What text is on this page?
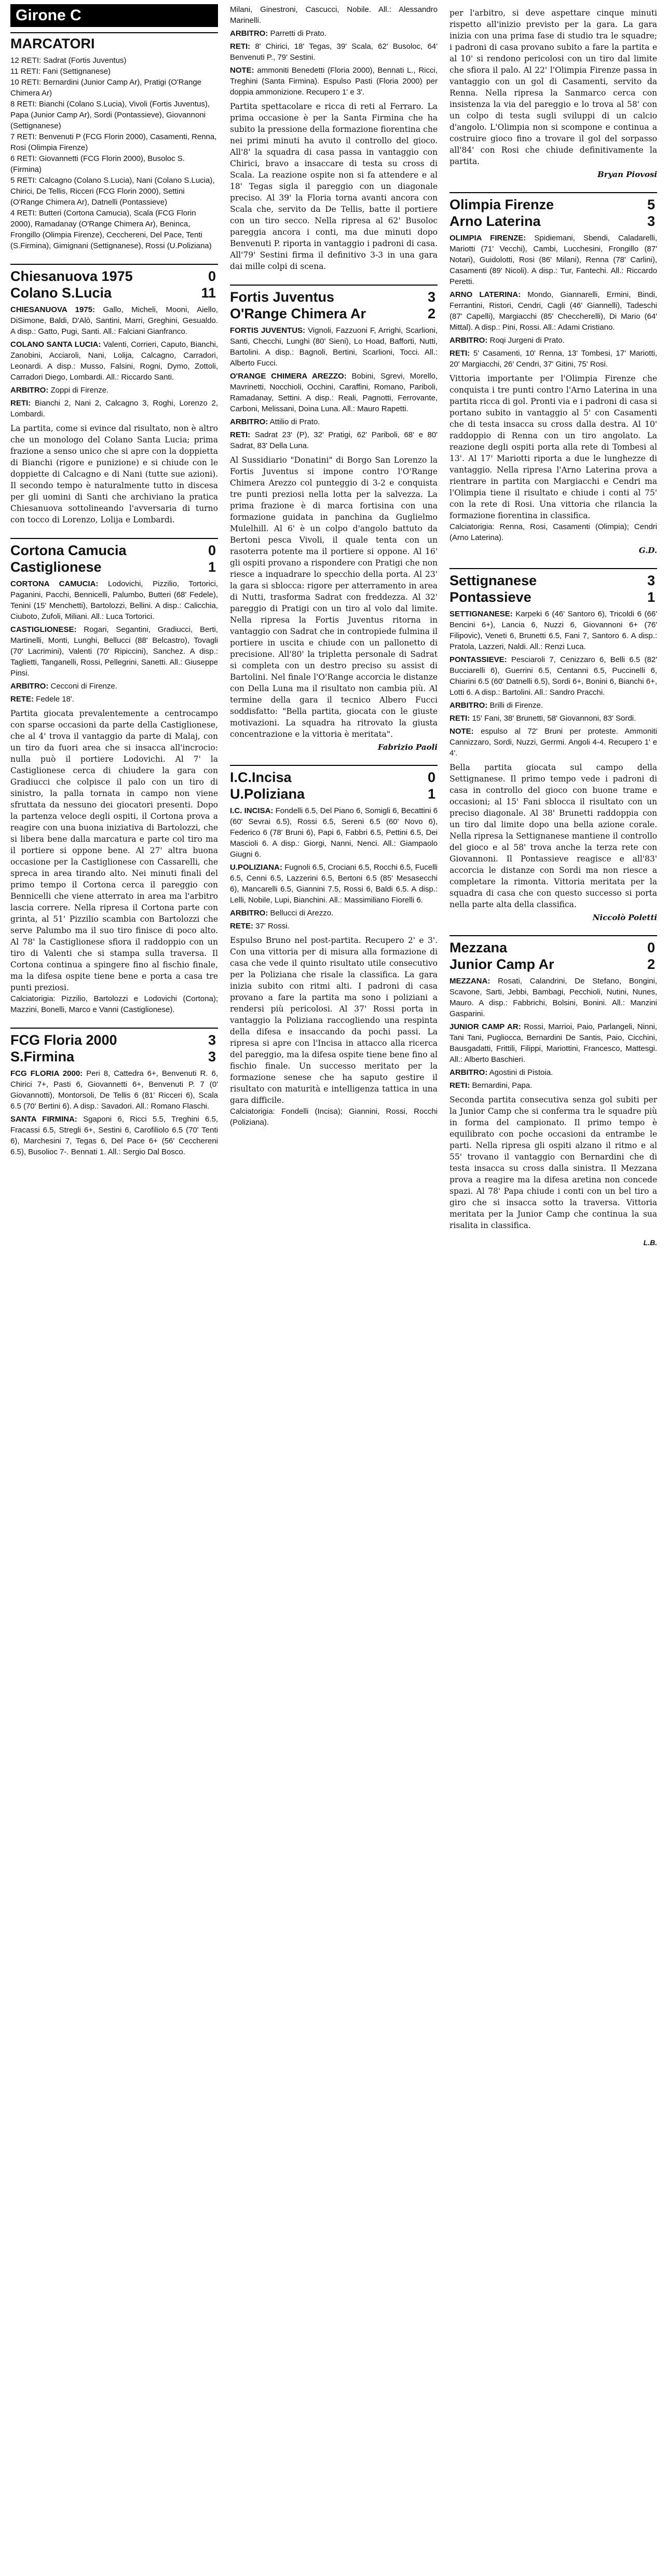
Girone C
MARCATORI
12 RETI: Sadrat (Fortis Juventus)
11 RETI: Fani (Settignanese)
10 RETI: Bernardini (Junior Camp Ar), Pratigi (O'Range Chimera Ar)
8 RETI: Bianchi (Colano S.Lucia), Vivoli (Fortis Juventus), Papa (Junior Camp Ar), Sordi (Pontassieve), Giovannoni (Settignanese)
7 RETI: Benvenuti P (FCG Florin 2000), Casamenti, Renna, Rosi (Olimpia Firenze)
6 RETI: Giovannetti (FCG Florin 2000), Busoloc S. (Firmina)
5 RETI: Calcagno (Colano S.Lucia), Nani (Colano S.Lucia), Chirici, De Tellis, Ricceri (FCG Florin 2000), Settini (O'Range Chimera Ar), Datnelli (Pontassieve)
4 RETI: Butteri (Cortona Camucia), Scala (FCG Florin 2000), Ramadanay (O'Range Chimera Ar), Beninca, Frongillo (Olimpia Firenze), Cecchereni, Del Pace, Tenti (S.Firmina), Gimignani (Settignanese), Rossi (U.Poliziana)
Chiesanuova 1975	0
Colano S.Lucia	11

CHIESANUOVA 1975: Gallo, Micheli, Mooni, Aiello, DiSimone, Baldi, D'Alò, Santini, Marri, Greghini, Gesualdo. A disp.: Gatto, Pugi, Santi. All.: Falciani Gianfranco.

COLANO SANTA LUCIA: Valenti, Corrieri, Caputo, Bianchi, Zanobini, Acciaroli, Nani, Lolija, Calcagno, Carradori, Leonardi. A disp.: Musso, Falsini, Rogni, Dymo, Zottoli, Carradori Diego, Lombardi. All.: Riccardo Santi.

ARBITRO: Zoppi di Firenze.

RETI: Bianchi 2, Nani 2, Calcagno 3, Roghi, Lorenzo 2, Lombardi.

La partita, come si evince dal risultato, non è altro che un monologo del Colano Santa Lucia; prima frazione a senso unico che si apre con la doppietta di Bianchi (rigore e punizione) e si chiude con le doppiette di Calcagno e di Nani (tutte sue azioni). Il secondo tempo è naturalmente tutto in discesa per gli uomini di Santi che archiviano la pratica Chiesanuova sottolineando l'avversaria di turno con tocco di Lorenzo, Lolija e Lombardi.

Cortona Camucia	0
Castiglionese	1

CORTONA CAMUCIA: Lodovichi, Pizzilio, Tortorici, Paganini, Pacchi, Bennicelli, Palumbo, Butteri (68' Fedele), Tenini (15' Menchetti), Bartolozzi, Bellini. A disp.: Calicchia, Ciuboto, Zufoli, Miliani. All.: Luca Tortorici.

CASTIGLIONESE: Rogari, Segantini, Gradiucci, Berti, Martinelli, Monti, Lunghi, Bellucci (88' Belcastro), Tovagli (70' Lacrimini), Valenti (70' Ripiccini), Sanchez. A disp.: Taglietti, Tanganelli, Rossi, Pellegrini, Sanetti. All.: Giuseppe Pinsi.

ARBITRO: Cecconi di Firenze.

RETE: Fedele 18'.

Partita giocata prevalentemente a centrocampo con sparse occasioni da parte della Castiglionese, che al 4' trova il vantaggio da parte di Malaj, con un tiro da fuori area che si insacca all'incrocio: nulla può il portiere Lodovichi. Al 7' la Castiglionese cerca di chiudere la gara con Gradiucci che colpisce il palo con un tiro di sinistro, la palla tornata in campo non viene sfruttata da nessuno dei giocatori presenti. Dopo la partenza veloce degli ospiti, il Cortona prova a reagire con una buona iniziativa di Bartolozzi, che si libera bene dalla marcatura e parte col tiro ma il portiere si oppone bene. Al 27' altra buona occasione per la Castiglionese con Cassarelli, che spreca in area tirando alto. Nei minuti finali del primo tempo il Cortona cerca il pareggio con Bennicelli che viene atterrato in area ma l'arbitro lascia correre. Nella ripresa il Cortona parte con grinta, al 51' Pizzilio scambia con Bartolozzi che serve Palumbo ma il suo tiro finisce di poco alto. Al 78' la Castiglionese sfiora il raddoppio con un tiro di Valenti che si stampa sulla traversa. Il Cortona continua a spingere fino al fischio finale, ma la difesa ospite tiene bene e porta a casa tre punti preziosi.

Calciatorigia: Pizzilio, Bartolozzi e Lodovichi (Cortona); Mazzini, Bonelli, Marco e Vanni (Castiglionese).

FCG Floria 2000	3
S.Firmina	3

FCG FLORIA 2000: Peri 8, Cattedra 6+, Benvenuti R. 6, Chirici 7+, Pasti 6, Giovannetti 6+, Benvenuti P. 7 (0' Giovannotti), Montorsoli, De Tellis 6 (81' Ricceri 6), Scala 6.5 (70' Bertini 6). A disp.: Savadori. All.: Romano Flaschi.

SANTA FIRMINA: Sgaponi 6, Ricci 5.5, Treghini 6.5, Fracassi 6.5, Stregli 6+, Sestini 6, Carofiliolo 6.5 (70' Tenti 6), Marchesini 7, Tegas 6, Del Pace 6+ (56' Cecchereni 6.5), Busolioc 7-. Bennati 1. All.: Sergio Dal Bosco.

Milani, Ginestroni, Cascucci, Nobile. All.: Alessandro Marinelli.

ARBITRO: Parretti di Prato.

RETI: 8' Chirici, 18' Tegas, 39' Scala, 62' Busoloc, 64' Benvenuti P., 79' Sestini.

NOTE: ammoniti Benedetti (Floria 2000), Bennati L., Ricci, Treghini (Santa Firmina). Espulso Pasti (Floria 2000) per doppia ammonizione. Recupero 1' e 3'.

Partita spettacolare e ricca di reti al Ferraro. La prima occasione è per la Santa Firmina che ha subito la pressione della formazione fiorentina che nei primi minuti ha avuto il controllo del gioco. All'8' la squadra di casa passa in vantaggio con Chirici, bravo a insaccare di testa su cross di Scala. La reazione ospite non si fa attendere e al 18' Tegas sigla il pareggio con un diagonale preciso. Al 39' la Floria torna avanti ancora con Scala che, servito da De Tellis, batte il portiere con un tiro secco. Nella ripresa al 62' Busoloc pareggia ancora i conti, ma due minuti dopo Benvenuti P. riporta in vantaggio i padroni di casa. All'79' Sestini firma il definitivo 3-3 in una gara dai mille colpi di scena.

Fortis Juventus	3
O'Range Chimera Ar	2

FORTIS JUVENTUS: Vignoli, Fazzuoni F, Arrighi, Scarlioni, Santi, Checchi, Lunghi (80' Sieni), Lo Hoad, Bafforti, Nutti, Bartolini. A disp.: Bagnoli, Bertini, Scarlioni, Tocci. All.: Alberto Fucci.

O'RANGE CHIMERA AREZZO: Bobini, Sgrevi, Morello, Mavrinetti, Nocchioli, Occhini, Caraffini, Romano, Pariboli, Ramadanay, Settini. A disp.: Reali, Pagnotti, Ferrovante, Carboni, Melissani, Doina Luna. All.: Mauro Rapetti.

ARBITRO: Attilio di Prato.

RETI: Sadrat 23' (P), 32' Pratigi, 62' Pariboli, 68' e 80' Sadrat, 83' Della Luna.

Al Sussidiario "Donatini" di Borgo San Lorenzo la Fortis Juventus si impone contro l'O'Range Chimera Arezzo col punteggio di 3-2 e conquista tre punti preziosi nella lotta per la salvezza. La prima frazione è di marca fortisina con una formazione guidata in panchina da Guglielmo Mulelhill. Al 6' è un colpo d'angolo battuto da Bertoni pesca Vivoli, il quale tenta con un rasoterra potente ma il portiere si oppone. Al 16' gli ospiti provano a rispondere con Pratigi che non riesce a inquadrare lo specchio della porta. Al 23' la gara si sblocca: rigore per atterramento in area di Nutti, trasforma Sadrat con freddezza. Al 32' pareggio di Pratigi con un tiro al volo dal limite. Nella ripresa la Fortis Juventus ritorna in vantaggio con Sadrat che in contropiede fulmina il portiere in uscita e chiude con un pallonetto di precisione. All'80' la tripletta personale di Sadrat si completa con un destro preciso su assist di Bartolini. Nel finale l'O'Range accorcia le distanze con Della Luna ma il risultato non cambia più. Al termine della gara il tecnico Albero Fucci soddisfatto: "Bella partita, giocata con le giuste motivazioni. La squadra ha ritrovato la giusta concentrazione e la vittoria è meritata".

Fabrizio Paoli
I.C.Incisa	0
U.Poliziana	1

I.C. INCISA: Fondelli 6.5, Del Piano 6, Somigli 6, Becattini 6 (60' Sevrai 6.5), Rossi 6.5, Sereni 6.5 (60' Novo 6), Federico 6 (78' Bruni 6), Papi 6, Fabbri 6.5, Pettini 6.5, Dei Mascioli 6. A disp.: Giorgi, Nanni, Nenci. All.: Giampaolo Giugni 6.

U.POLIZIANA: Fugnoli 6.5, Crociani 6.5, Rocchi 6.5, Fucelli 6.5, Cenni 6.5, Lazzerini 6.5, Bertoni 6.5 (85' Mesasecchi 6), Mancarelli 6.5, Giannini 7.5, Rossi 6, Baldi 6.5. A disp.: Lelli, Nobile, Lupi, Bianchini. All.: Massimiliano Fiorelli 6.

ARBITRO: Bellucci di Arezzo.

RETE: 37' Rossi.

Espulso Bruno nel post-partita. Recupero 2' e 3'. Con una vittoria per di misura alla formazione di casa che vede il quinto risultato utile consecutivo per la Poliziana che risale la classifica. La gara inizia subito con ritmi alti. I padroni di casa provano a fare la partita ma sono i poliziani a rendersi più pericolosi. Al 37' Rossi porta in vantaggio la Poliziana raccogliendo una respinta della difesa e insaccando da pochi passi. La ripresa si apre con l'Incisa in attacco alla ricerca del pareggio, ma la difesa ospite tiene bene fino al fischio finale. Un successo meritato per la formazione senese che ha saputo gestire il risultato con maturità e intelligenza tattica in una gara difficile.

Calciatorigia: Fondelli (Incisa); Giannini, Rossi, Rocchi (Poliziana).

per l'arbitro, si deve aspettare cinque minuti rispetto all'inizio previsto per la gara. La gara inizia con una prima fase di studio tra le squadre; i padroni di casa provano subito a fare la partita e al 10' si rendono pericolosi con un tiro dal limite che sfiora il palo. Al 22' l'Olimpia Firenze passa in vantaggio con un gol di Casamenti, servito da Renna. Nella ripresa la Sanmarco cerca con insistenza la via del pareggio e lo trova al 58' con un colpo di testa sugli sviluppi di un calcio d'angolo. L'Olimpia non si scompone e continua a costruire gioco fino a trovare il gol del sorpasso all'84' con Rosi che chiude definitivamente la partita.

Bryan Piovosi
Olimpia Firenze	5
Arno Laterina	3

OLIMPIA FIRENZE: Spidiemani, Sbendi, Caladarelli, Mariotti (71' Vecchi), Cambi, Lucchesini, Frongillo (87' Notari), Guidolotti, Rosi (86' Milani), Renna (78' Carlini), Casamenti (89' Nicoli). A disp.: Tur, Fantechi. All.: Riccardo Peretti.

ARNO LATERINA: Mondo, Giannarelli, Ermini, Bindi, Ferrantini, Ristori, Cendri, Cagli (46' Giannelli), Tadeschi (87' Capelli), Margiacchi (85' Checcherelli), Di Mario (64' Mittal). A disp.: Pini, Rossi. All.: Adami Cristiano.

ARBITRO: Roqi Jurgeni di Prato.

RETI: 5' Casamenti, 10' Renna, 13' Tombesi, 17' Mariotti, 20' Margiacchi, 26' Cendri, 37' Gitini, 75' Rosi.

Vittoria importante per l'Olimpia Firenze che conquista i tre punti contro l'Arno Laterina in una partita ricca di gol. Pronti via e i padroni di casa si portano subito in vantaggio al 5' con Casamenti che di testa insacca su cross dalla destra. Al 10' raddoppio di Renna con un tiro angolato. La reazione degli ospiti porta alla rete di Tombesi al 13'. Al 17' Mariotti riporta a due le lunghezze di vantaggio. Nella ripresa l'Arno Laterina prova a rientrare in partita con Margiacchi e Cendri ma l'Olimpia tiene il risultato e chiude i conti al 75' con la rete di Rosi. Una vittoria che rilancia la formazione fiorentina in classifica.

Calciatorigia: Renna, Rosi, Casamenti (Olimpia); Cendri (Arno Laterina).

G.D.
Settignanese	3
Pontassieve	1

SETTIGNANESE: Karpeki 6 (46' Santoro 6), Tricoldi 6 (66' Bencini 6+), Lancia 6, Nuzzi 6, Giovannoni 6+ (76' Filipovic), Veneti 6, Brunetti 6.5, Fani 7, Santoro 6. A disp.: Pratola, Lazzeri, Naldi. All.: Renzi Luca.

PONTASSIEVE: Pesciaroli 7, Cenizzaro 6, Belli 6.5 (82' Bucciarelli 6), Guerrini 6.5, Centanni 6.5, Puccinelli 6, Chiarini 6.5 (60' Datnelli 6.5), Sordi 6+, Bonini 6, Bianchi 6+, Lotti 6. A disp.: Bartolini. All.: Sandro Pracchi.

ARBITRO: Brilli di Firenze.

RETI: 15' Fani, 38' Brunetti, 58' Giovannoni, 83' Sordi.

NOTE: espulso al 72' Bruni per proteste. Ammoniti Cannizzaro, Sordi, Nuzzi, Gerrmi. Angoli 4-4. Recupero 1' e 4'.

Bella partita giocata sul campo della Settignanese. Il primo tempo vede i padroni di casa in controllo del gioco con buone trame e occasioni; al 15' Fani sblocca il risultato con un preciso diagonale. Al 38' Brunetti raddoppia con un tiro dal limite dopo una bella azione corale. Nella ripresa la Settignanese mantiene il controllo del gioco e al 58' trova anche la terza rete con Giovannoni. Il Pontassieve reagisce e all'83' accorcia le distanze con Sordi ma non riesce a completare la rimonta. Vittoria meritata per la squadra di casa che con questo successo si porta nella parte alta della classifica.

Niccolò Poletti
Mezzana	0
Junior Camp Ar	2

MEZZANA: Rosati, Calandrini, De Stefano, Bongini, Scavone, Sarti, Jebbi, Bambagi, Pecchioli, Nutini, Nunes, Mauro. A disp.: Fabbrichi, Bolsini, Bonini. All.: Manzini Gasparini.

JUNIOR CAMP AR: Rossi, Marrioi, Paio, Parlangeli, Ninni, Tani Tani, Pugliocca, Bernardini De Santis, Paio, Cicchini, Bausgadatti, Frittili, Filippi, Mariottini, Francesco, Mattesgi. All.: Alberto Baschieri.

ARBITRO: Agostini di Pistoia.

RETI: Bernardini, Papa.

Seconda partita consecutiva senza gol subiti per la Junior Camp che si conferma tra le squadre più in forma del campionato. Il primo tempo è equilibrato con poche occasioni da entrambe le parti. Nella ripresa gli ospiti alzano il ritmo e al 55' trovano il vantaggio con Bernardini che di testa insacca su cross dalla sinistra. Il Mezzana prova a reagire ma la difesa aretina non concede spazi. Al 78' Papa chiude i conti con un bel tiro a giro che si insacca sotto la traversa. Vittoria meritata per la Junior Camp che continua la sua risalita in classifica.

L.B.
